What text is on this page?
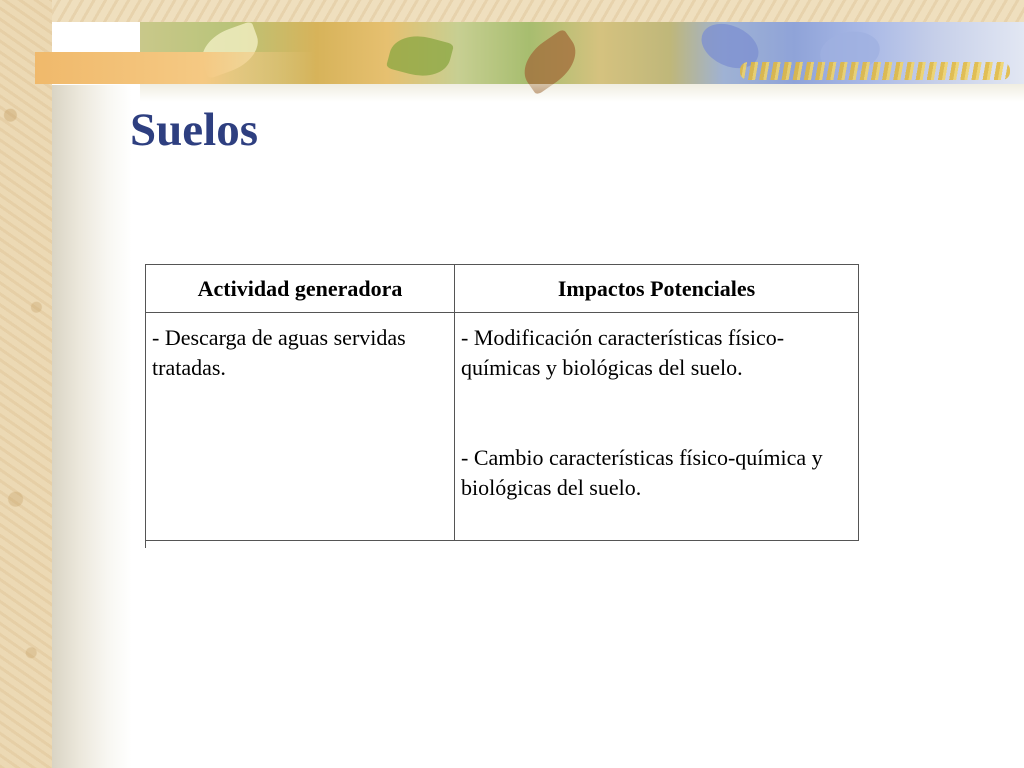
Suelos
Actividad generadora	Impactos Potenciales

- Descarga de aguas servidas tratadas.	- Modificación características físico-químicas y biológicas del suelo.
- Cambio características físico-química y biológicas del suelo.
